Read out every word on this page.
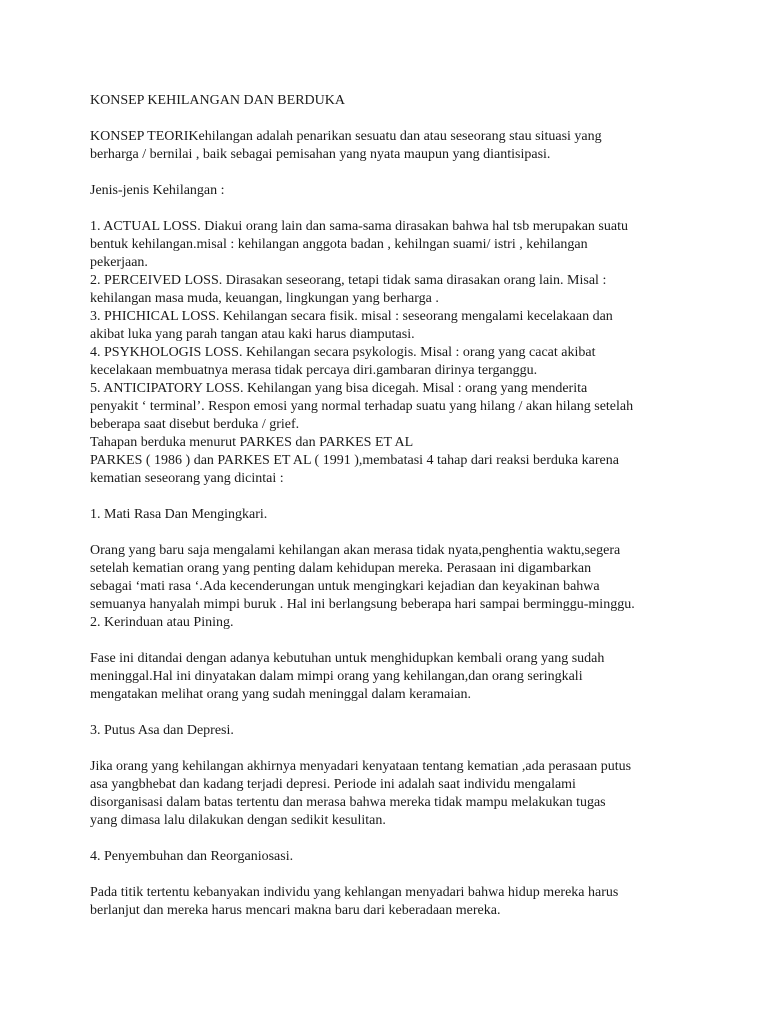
KONSEP KEHILANGAN DAN BERDUKA
KONSEP TEORIKehilangan adalah penarikan sesuatu dan atau seseorang stau situasi yang
berharga / bernilai , baik sebagai pemisahan yang nyata maupun yang diantisipasi.
Jenis-jenis Kehilangan :
1. ACTUAL LOSS. Diakui orang lain dan sama-sama dirasakan bahwa hal tsb merupakan suatu
bentuk kehilangan.misal : kehilangan anggota badan , kehilngan suami/ istri , kehilangan
pekerjaan.
2. PERCEIVED LOSS. Dirasakan seseorang, tetapi tidak sama dirasakan orang lain. Misal :
kehilangan masa muda, keuangan, lingkungan yang berharga .
3. PHICHICAL LOSS. Kehilangan secara fisik. misal : seseorang mengalami kecelakaan dan
akibat luka yang parah tangan atau kaki harus diamputasi.
4. PSYKHOLOGIS LOSS. Kehilangan secara psykologis. Misal : orang yang cacat akibat
kecelakaan membuatnya merasa tidak percaya diri.gambaran dirinya terganggu.
5. ANTICIPATORY LOSS. Kehilangan yang bisa dicegah. Misal : orang yang menderita
penyakit ‘ terminal’. Respon emosi yang normal terhadap suatu yang hilang / akan hilang setelah
beberapa saat disebut berduka / grief.
Tahapan berduka menurut PARKES dan PARKES ET AL
PARKES ( 1986 ) dan PARKES ET AL ( 1991 ),membatasi 4 tahap dari reaksi berduka karena
kematian seseorang yang dicintai :
1. Mati Rasa Dan Mengingkari.
Orang yang baru saja mengalami kehilangan akan merasa tidak nyata,penghentia waktu,segera
setelah kematian orang yang penting dalam kehidupan mereka. Perasaan ini digambarkan
sebagai ‘mati rasa ‘.Ada kecenderungan untuk mengingkari kejadian dan keyakinan bahwa
semuanya hanyalah mimpi buruk . Hal ini berlangsung beberapa hari sampai berminggu-minggu.
2. Kerinduan atau Pining.
Fase ini ditandai dengan adanya kebutuhan untuk menghidupkan kembali orang yang sudah
meninggal.Hal ini dinyatakan dalam mimpi orang yang kehilangan,dan orang seringkali
mengatakan melihat orang yang sudah meninggal dalam keramaian.
3. Putus Asa dan Depresi.
Jika orang yang kehilangan akhirnya menyadari kenyataan tentang kematian ,ada perasaan putus
asa yangbhebat dan kadang terjadi depresi. Periode ini adalah saat individu mengalami
disorganisasi dalam batas tertentu dan merasa bahwa mereka tidak mampu melakukan tugas
yang dimasa lalu dilakukan dengan sedikit kesulitan.
4. Penyembuhan dan Reorganiosasi.
Pada titik tertentu kebanyakan individu yang kehlangan menyadari bahwa hidup mereka harus
berlanjut dan mereka harus mencari makna baru dari keberadaan mereka.
